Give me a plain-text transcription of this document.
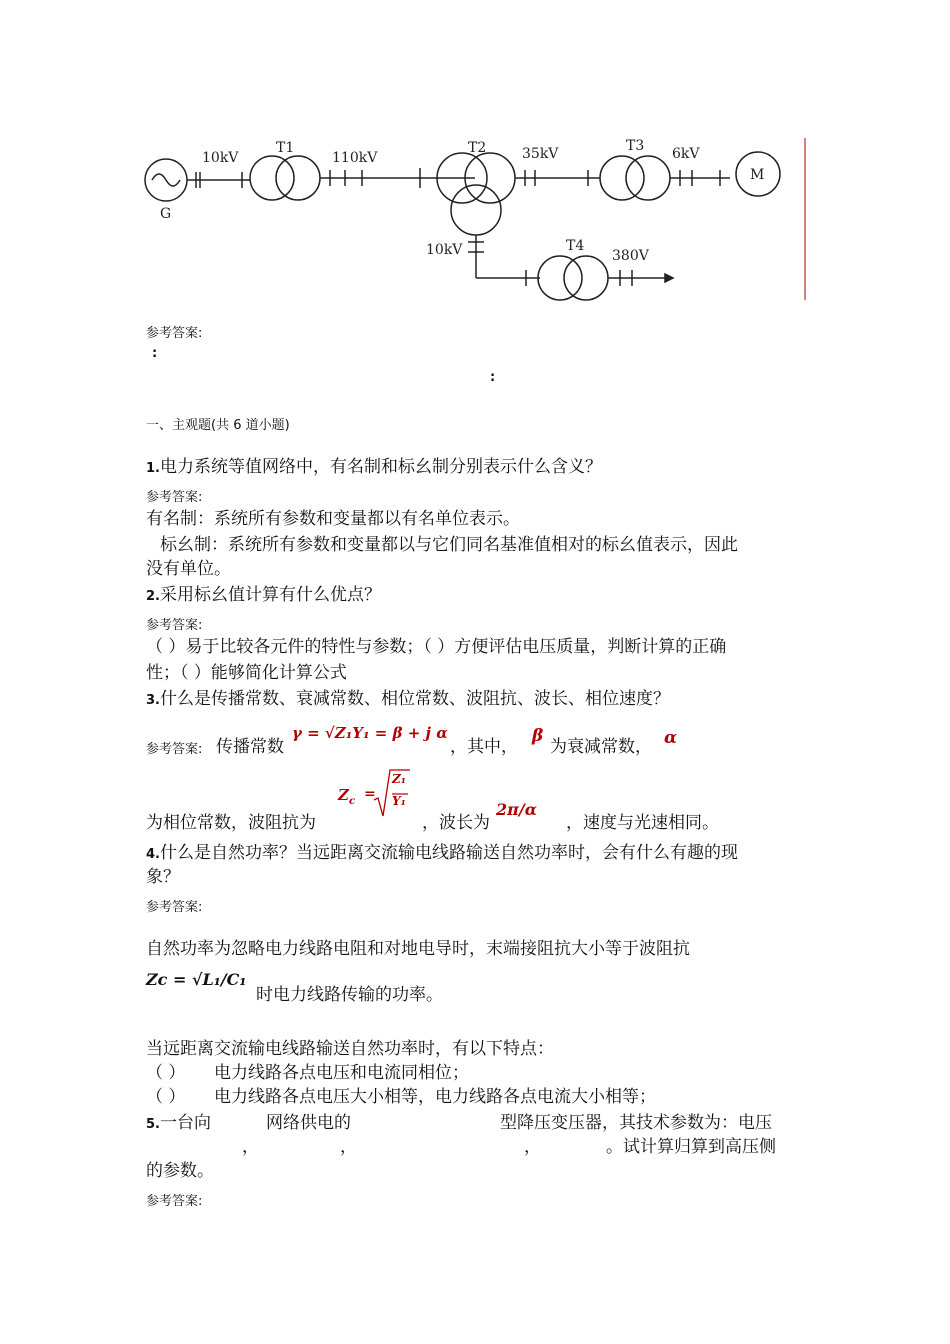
G
10kV
T1
110kV
T2	35kV	T3 6kV
M
10kV	T4
380V
参考答案:
:
:
一、主观题(共 6 道小题)
1.电力系统等值网络中，有名制和标幺制分别表示什么含义？
参考答案:
有名制：系统所有参数和变量都以有名单位表示。
标幺制：系统所有参数和变量都以与它们同名基准值相对的标幺值表示，因此
没有单位。
2.采用标幺值计算有什么优点？
参考答案:
（ ）易于比较各元件的特性与参数；（ ）方便评估电压质量，判断计算的正确
性；（ ）能够简化计算公式
3.什么是传播常数、衰减常数、相位常数、波阻抗、波长、相位速度？
参考答案: 传播常数
γ = √Z₁Y₁ = β + j α
，其中，
β
为衰减常数， α
为相位常数，波阻抗为
$Z_c$ =
Z₁
Y₁
，波长为
2π/α
，速度与光速相同。
4.什么是自然功率？当远距离交流输电线路输送自然功率时，会有什么有趣的现
象？
参考答案:
自然功率为忽略电力线路电阻和对地电导时，末端接阻抗大小等于波阻抗
Zc = √L₁/C₁
时电力线路传输的功率。
当远距离交流输电线路输送自然功率时，有以下特点：
（ ） 电力线路各点电压和电流同相位；
（ ） 电力线路各点电压大小相等，电力线路各点电流大小相等；
5.一台向	网络供电的	型降压变压器，其技术参数为：电压
，	，	，	。试计算归算到高压侧
的参数。
参考答案:
